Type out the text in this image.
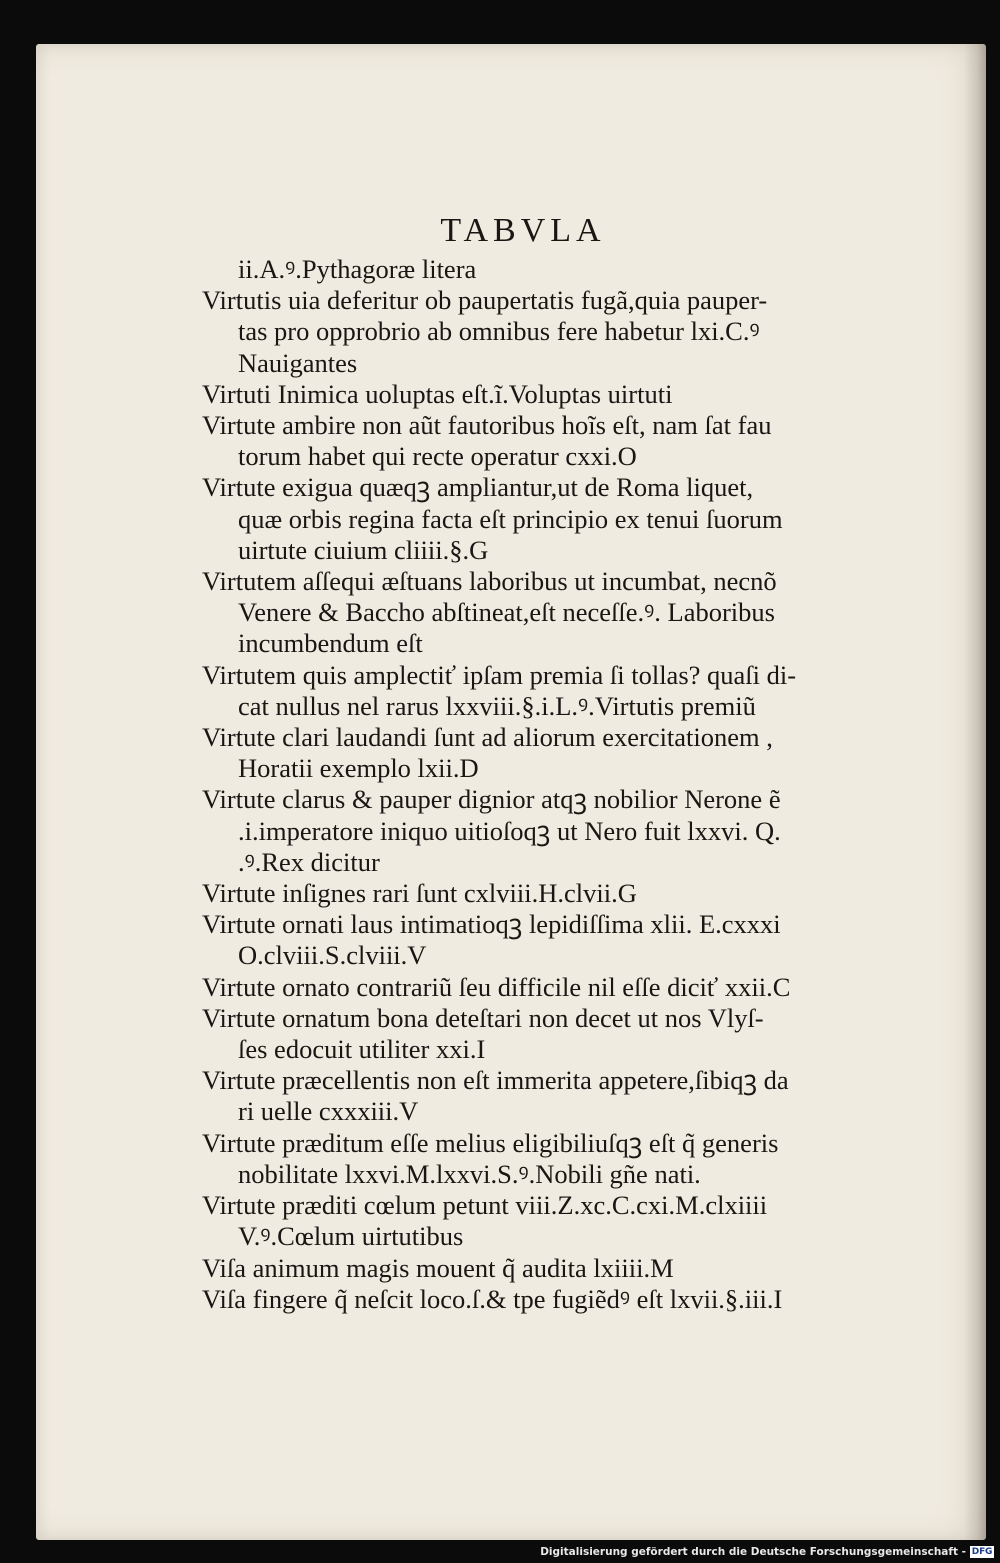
TABVLA
ii.A.ꝰ.Pythagoræ litera
Virtutis uia deferitur ob paupertatis fugã,quia pauper-
tas pro opprobrio ab omnibus fere habetur lxi.C.ꝰ
Nauigantes
Virtuti Inimica uoluptas eſt.ĩ.Voluptas uirtuti
Virtute ambire non aũt fautoribus hoĩs eſt, nam ſat fau
torum habet qui recte operatur cxxi.O
Virtute exigua quæqꝫ ampliantur,ut de Roma liquet,
quæ orbis regina facta eſt principio ex tenui ſuorum
uirtute ciuium cliiii.§.G
Virtutem aſſequi æſtuans laboribus ut incumbat, necnõ
Venere & Baccho abſtineat,eſt neceſſe.ꝰ. Laboribus
incumbendum eſt
Virtutem quis amplectiť ipſam premia ſi tollas? quaſi di-
cat nullus nel rarus lxxviii.§.i.L.ꝰ.Virtutis premiũ
Virtute clari laudandi ſunt ad aliorum exercitationem ,
Horatii exemplo lxii.D
Virtute clarus & pauper dignior atqꝫ nobilior Nerone ẽ
.i.imperatore iniquo uitioſoqꝫ ut Nero fuit lxxvi. Q.
.ꝰ.Rex dicitur
Virtute inſignes rari ſunt cxlviii.H.clvii.G
Virtute ornati laus intimatioqꝫ lepidiſſima xlii. E.cxxxi
O.clviii.S.clviii.V
Virtute ornato contrariũ ſeu difficile nil eſſe diciť xxii.C
Virtute ornatum bona deteſtari non decet ut nos Vlyſ-
ſes edocuit utiliter xxi.I
Virtute præcellentis non eſt immerita appetere,ſibiqꝫ da
ri uelle cxxxiii.V
Virtute præditum eſſe melius eligibiliuſqꝫ eſt q̃ generis
nobilitate lxxvi.M.lxxvi.S.ꝰ.Nobili gñe nati.
Virtute præditi cœlum petunt viii.Z.xc.C.cxi.M.clxiiii
V.ꝰ.Cœlum uirtutibus
Viſa animum magis mouent q̃ audita lxiiii.M
Viſa fingere q̃ neſcit loco.ſ.& tpe fugiẽdꝰ eſt lxvii.§.iii.I
Digitalisierung gefördert durch die Deutsche Forschungsgemeinschaft - DFG
